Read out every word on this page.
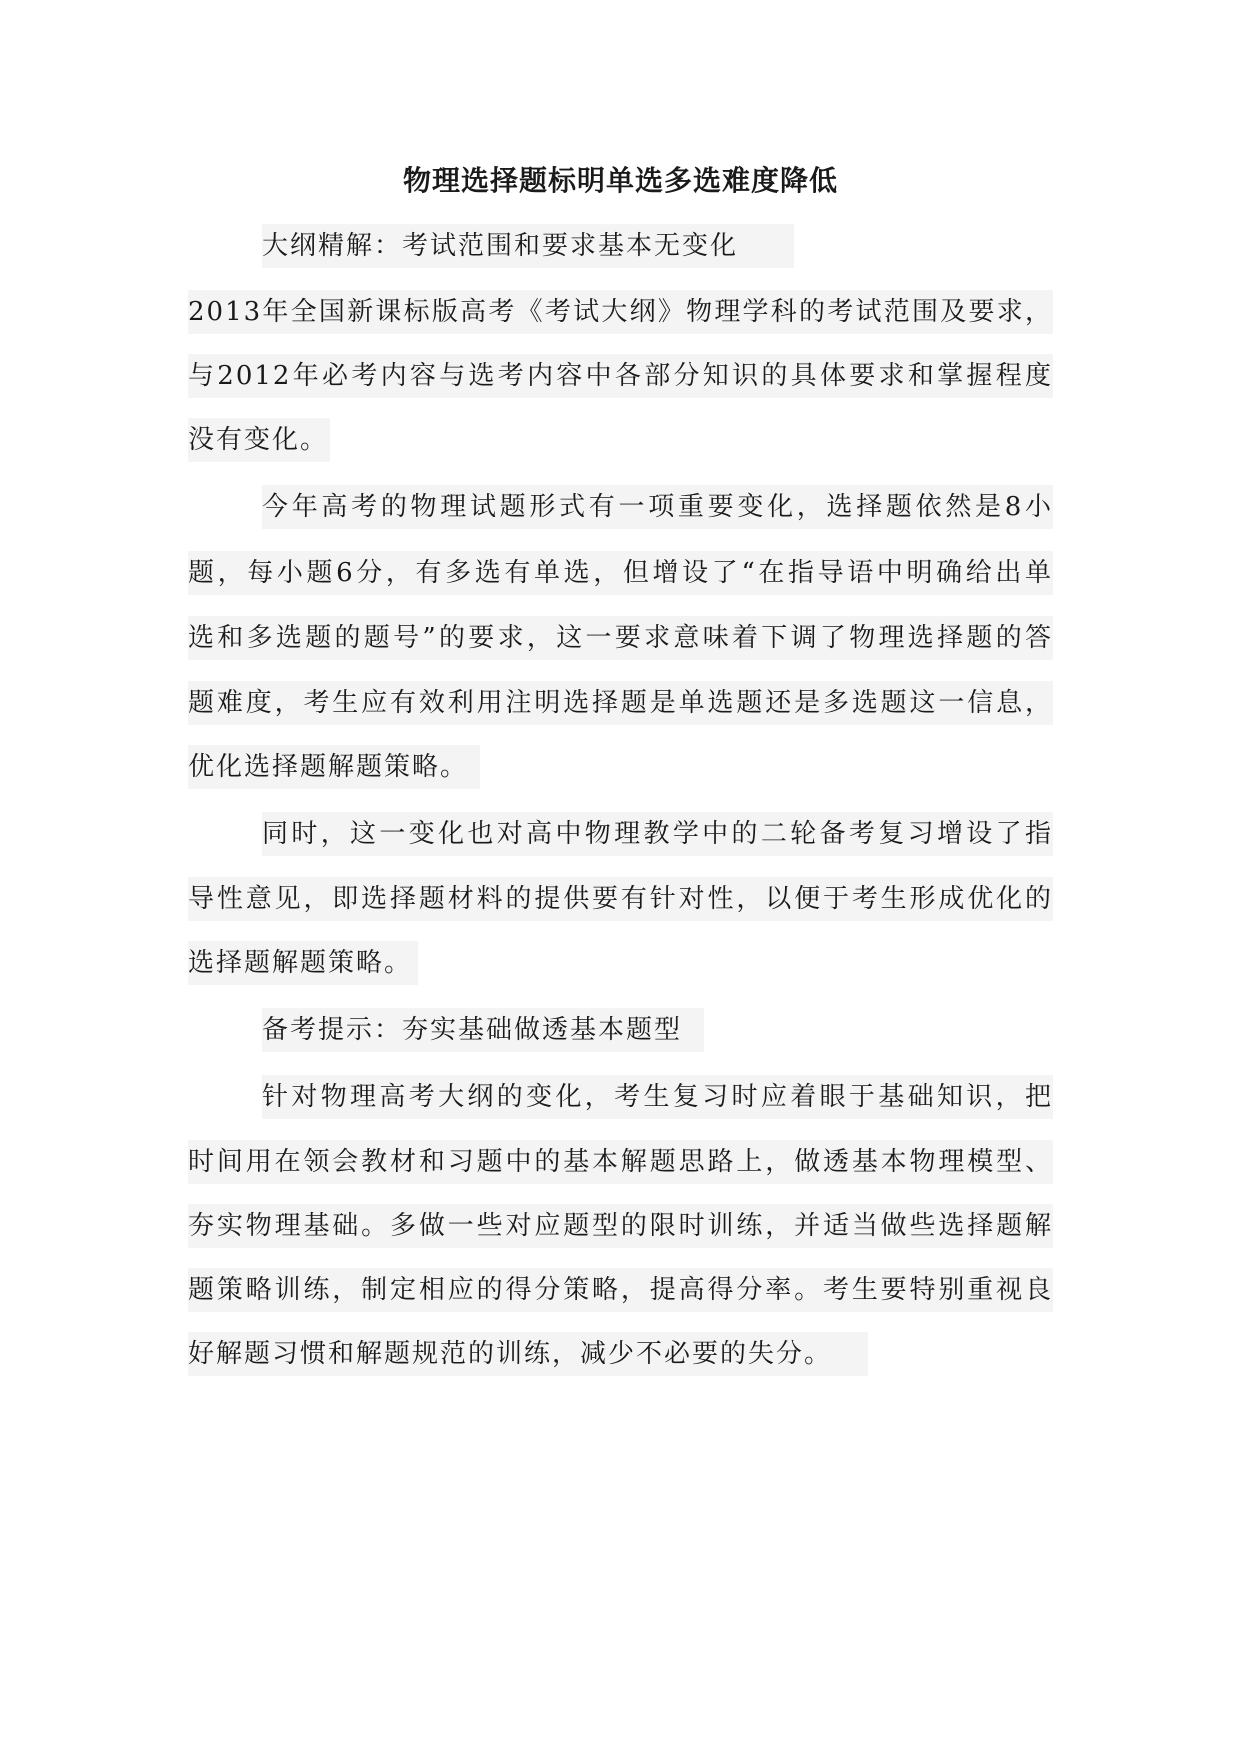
物理选择题标明单选多选难度降低
大纲精解：考试范围和要求基本无变化
2013年全国新课标版高考《考试大纲》物理学科的考试范围及要求，
与2012年必考内容与选考内容中各部分知识的具体要求和掌握程度
没有变化。
今年高考的物理试题形式有一项重要变化，选择题依然是8小
题，每小题6分，有多选有单选，但增设了“在指导语中明确给出单
选和多选题的题号”的要求，这一要求意味着下调了物理选择题的答
题难度，考生应有效利用注明选择题是单选题还是多选题这一信息，
优化选择题解题策略。
同时，这一变化也对高中物理教学中的二轮备考复习增设了指
导性意见，即选择题材料的提供要有针对性，以便于考生形成优化的
选择题解题策略。
备考提示：夯实基础做透基本题型
针对物理高考大纲的变化，考生复习时应着眼于基础知识，把
时间用在领会教材和习题中的基本解题思路上，做透基本物理模型、
夯实物理基础。多做一些对应题型的限时训练，并适当做些选择题解
题策略训练，制定相应的得分策略，提高得分率。考生要特别重视良
好解题习惯和解题规范的训练，减少不必要的失分。
